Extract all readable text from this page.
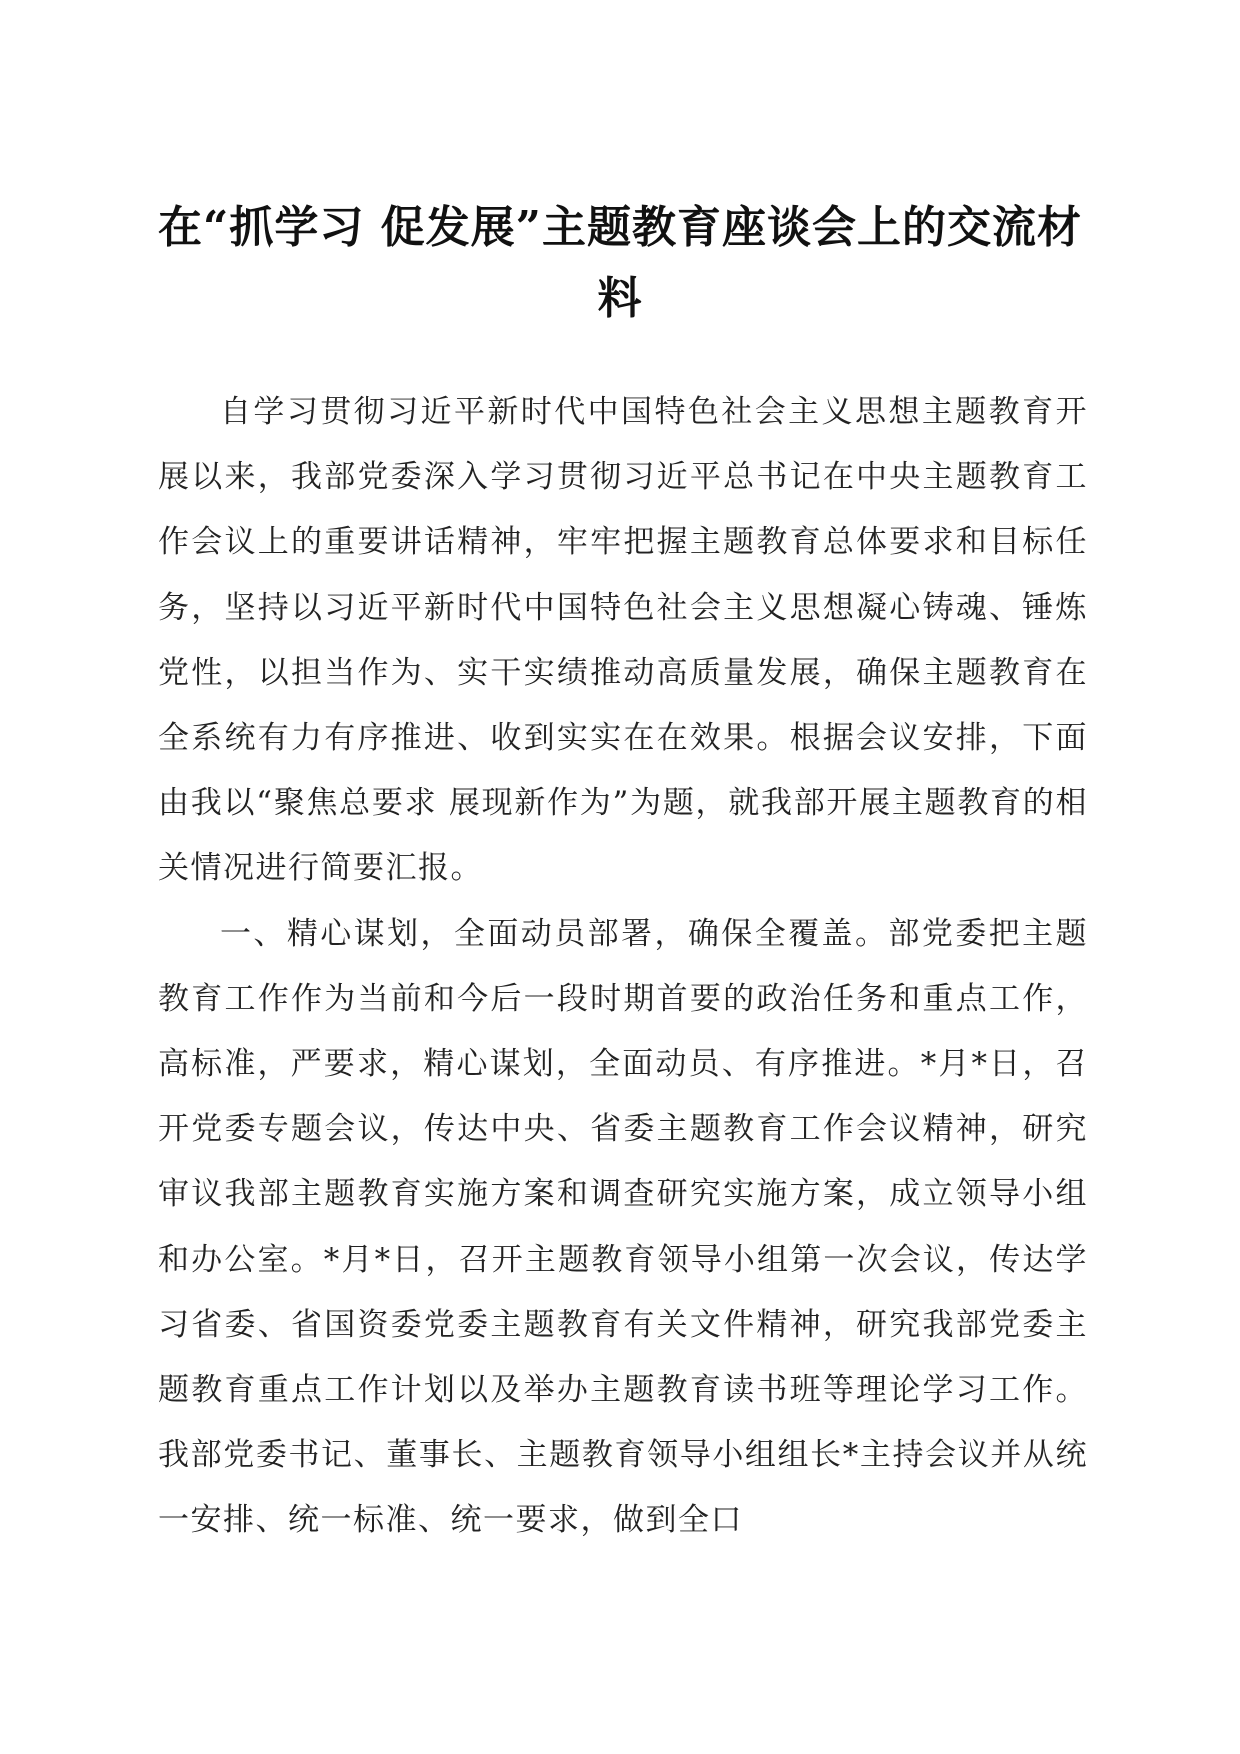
在“抓学习 促发展”主题教育座谈会上的交流材料

自学习贯彻习近平新时代中国特色社会主义思想主题教育开展以来，我部党委深入学习贯彻习近平总书记在中央主题教育工作会议上的重要讲话精神，牢牢把握主题教育总体要求和目标任务，坚持以习近平新时代中国特色社会主义思想凝心铸魂、锤炼党性，以担当作为、实干实绩推动高质量发展，确保主题教育在全系统有力有序推进、收到实实在在效果。根据会议安排，下面由我以“聚焦总要求 展现新作为”为题，就我部开展主题教育的相关情况进行简要汇报。

一、精心谋划，全面动员部署，确保全覆盖。部党委把主题教育工作作为当前和今后一段时期首要的政治任务和重点工作，高标准，严要求，精心谋划，全面动员、有序推进。*月*日，召开党委专题会议，传达中央、省委主题教育工作会议精神，研究审议我部主题教育实施方案和调查研究实施方案，成立领导小组和办公室。*月*日，召开主题教育领导小组第一次会议，传达学习省委、省国资委党委主题教育有关文件精神，研究我部党委主题教育重点工作计划以及举办主题教育读书班等理论学习工作。我部党委书记、董事长、主题教育领导小组组长*主持会议并从统一安排、统一标准、统一要求，做到全口
